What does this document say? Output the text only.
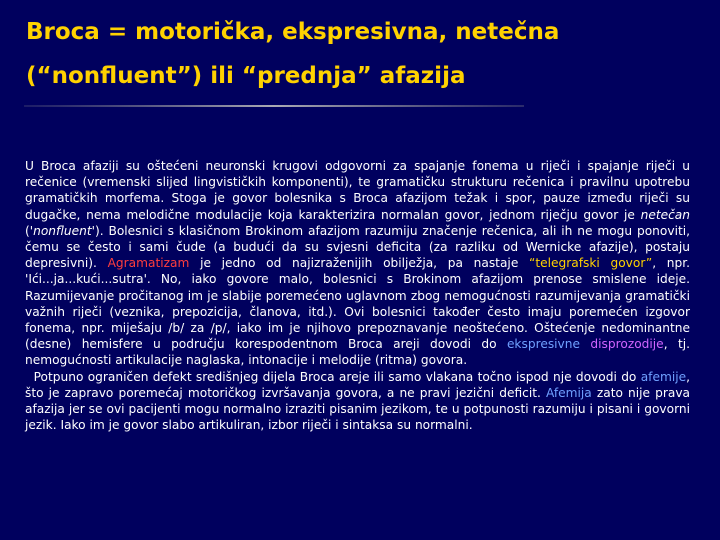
Broca = motorička, ekspresivna, netečna
(“nonfluent”) ili “prednja” afazija

U Broca afaziji su oštećeni neuronski krugovi odgovorni za spajanje fonema u riječi i spajanje riječi u rečenice (vremenski slijed lingvističkih komponenti), te gramatičku strukturu rečenica i pravilnu upotrebu gramatičkih morfema. Stoga je govor bolesnika s Broca afazijom težak i spor, pauze između riječi su dugačke, nema melodične modulacije koja karakterizira normalan govor, jednom riječju govor je netečan ('nonfluent'). Bolesnici s klasičnom Brokinom afazijom razumiju značenje rečenica, ali ih ne mogu ponoviti, čemu se često i sami čude (a budući da su svjesni deficita (za razliku od Wernicke afazije), postaju depresivni). Agramatizam je jedno od najizraženijih obilježja, pa nastaje “telegrafski govor”, npr. 'Ići...ja...kući...sutra'. No, iako govore malo, bolesnici s Brokinom afazijom prenose smislene ideje. Razumijevanje pročitanog im je slabije poremećeno uglavnom zbog nemogućnosti razumijevanja gramatički važnih riječi (veznika, prepozicija, članova, itd.). Ovi bolesnici također često imaju poremećen izgovor fonema, npr. miješaju /b/ za /p/, iako im je njihovo prepoznavanje neoštećeno. Oštećenje nedominantne (desne) hemisfere u području korespodentnom Broca areji dovodi do ekspresivne disprozodije, tj. nemogućnosti artikulacije naglaska, intonacije i melodije (ritma) govora.

Potpuno ograničen defekt središnjeg dijela Broca areje ili samo vlakana točno ispod nje dovodi do afemije, što je zapravo poremećaj motoričkog izvršavanja govora, a ne pravi jezični deficit. Afemija zato nije prava afazija jer se ovi pacijenti mogu normalno izraziti pisanim jezikom, te u potpunosti razumiju i pisani i govorni jezik. Iako im je govor slabo artikuliran, izbor riječi i sintaksa su normalni.
